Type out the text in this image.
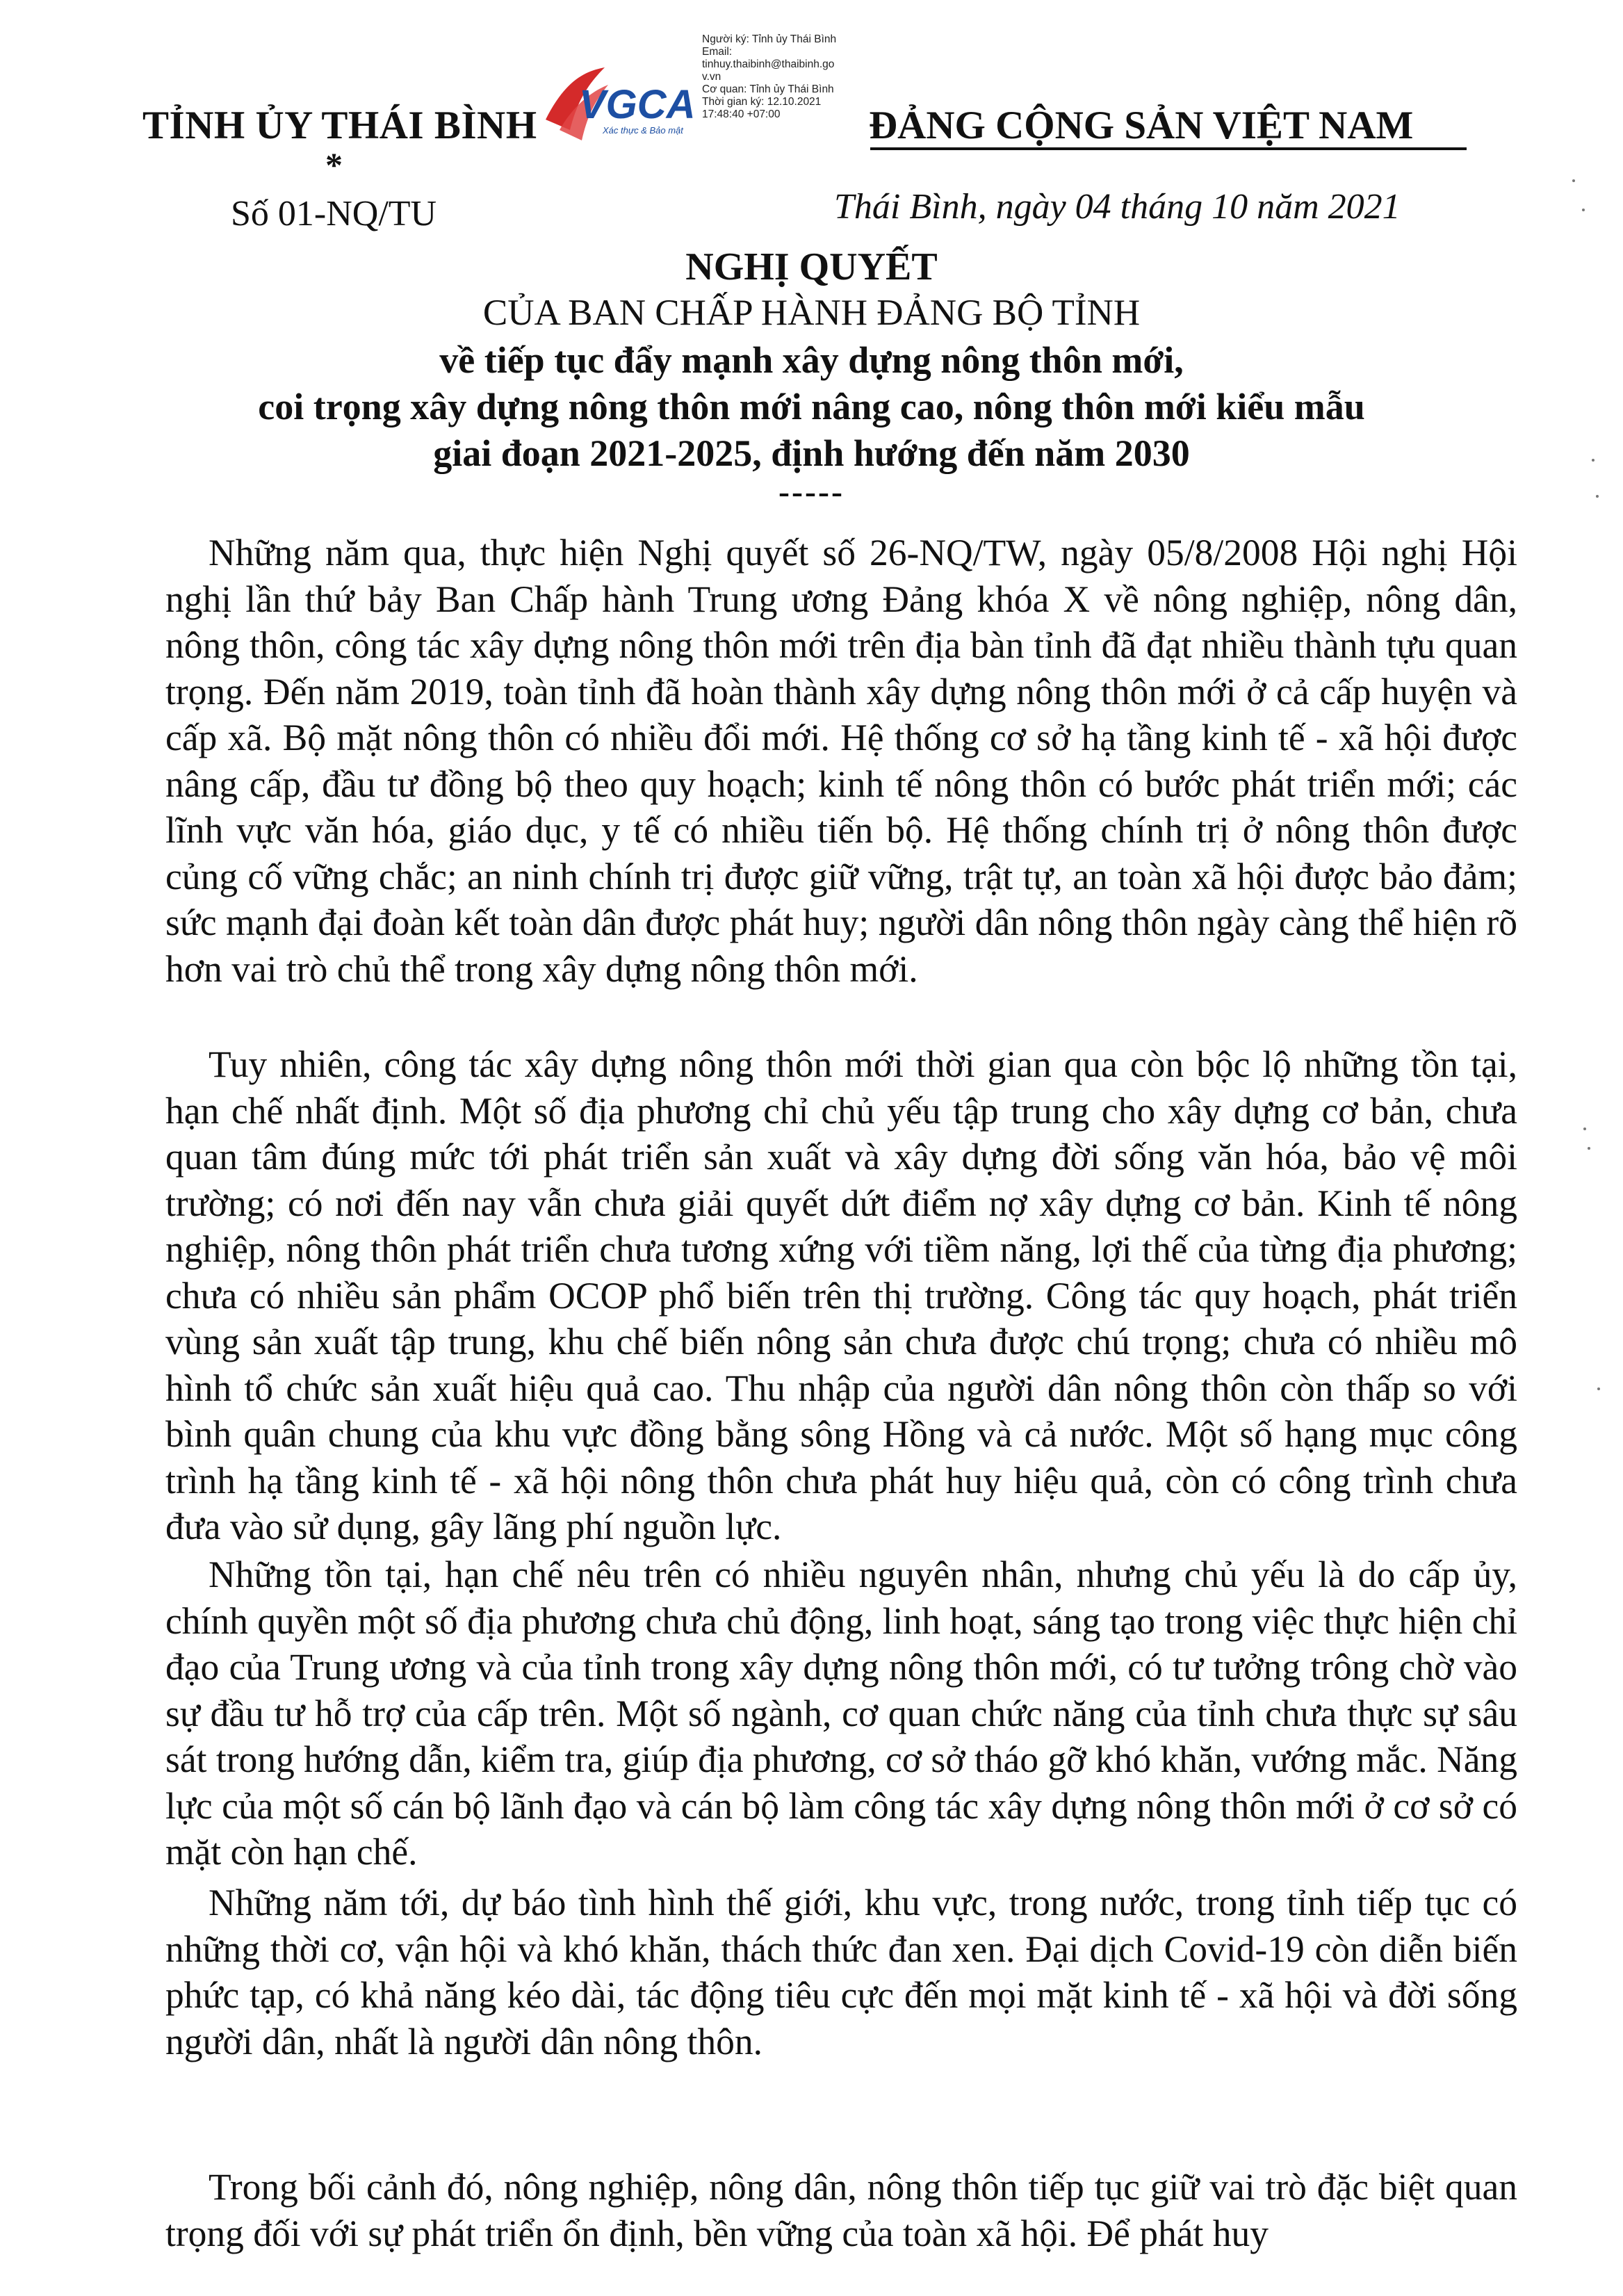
TỈNH ỦY THÁI BÌNH
*
VGCA
Xác thực & Bảo mật
Người ký: Tỉnh ủy Thái Bình
Email:
tinhuy.thaibinh@thaibinh.go
v.vn
Cơ quan: Tỉnh ủy Thái Bình
Thời gian ký: 12.10.2021
17:48:40 +07:00	ĐẢNG CỘNG SẢN VIỆT NAM
Số 01-NQ/TU	Thái Bình, ngày 04 tháng 10 năm 2021
NGHỊ QUYẾT
CỦA BAN CHẤP HÀNH ĐẢNG BỘ TỈNH
về tiếp tục đẩy mạnh xây dựng nông thôn mới,
coi trọng xây dựng nông thôn mới nâng cao, nông thôn mới kiểu mẫu
giai đoạn 2021-2025, định hướng đến năm 2030
-----
Những năm qua, thực hiện Nghị quyết số 26-NQ/TW, ngày 05/8/2008 Hội nghị Hội nghị lần thứ bảy Ban Chấp hành Trung ương Đảng khóa X về nông nghiệp, nông dân, nông thôn, công tác xây dựng nông thôn mới trên địa bàn tỉnh đã đạt nhiều thành tựu quan trọng. Đến năm 2019, toàn tỉnh đã hoàn thành xây dựng nông thôn mới ở cả cấp huyện và cấp xã. Bộ mặt nông thôn có nhiều đổi mới. Hệ thống cơ sở hạ tầng kinh tế - xã hội được nâng cấp, đầu tư đồng bộ theo quy hoạch; kinh tế nông thôn có bước phát triển mới; các lĩnh vực văn hóa, giáo dục, y tế có nhiều tiến bộ. Hệ thống chính trị ở nông thôn được củng cố vững chắc; an ninh chính trị được giữ vững, trật tự, an toàn xã hội được bảo đảm; sức mạnh đại đoàn kết toàn dân được phát huy; người dân nông thôn ngày càng thể hiện rõ hơn vai trò chủ thể trong xây dựng nông thôn mới.
Tuy nhiên, công tác xây dựng nông thôn mới thời gian qua còn bộc lộ những tồn tại, hạn chế nhất định. Một số địa phương chỉ chủ yếu tập trung cho xây dựng cơ bản, chưa quan tâm đúng mức tới phát triển sản xuất và xây dựng đời sống văn hóa, bảo vệ môi trường; có nơi đến nay vẫn chưa giải quyết dứt điểm nợ xây dựng cơ bản. Kinh tế nông nghiệp, nông thôn phát triển chưa tương xứng với tiềm năng, lợi thế của từng địa phương; chưa có nhiều sản phẩm OCOP phổ biến trên thị trường. Công tác quy hoạch, phát triển vùng sản xuất tập trung, khu chế biến nông sản chưa được chú trọng; chưa có nhiều mô hình tổ chức sản xuất hiệu quả cao. Thu nhập của người dân nông thôn còn thấp so với bình quân chung của khu vực đồng bằng sông Hồng và cả nước. Một số hạng mục công trình hạ tầng kinh tế - xã hội nông thôn chưa phát huy hiệu quả, còn có công trình chưa đưa vào sử dụng, gây lãng phí nguồn lực.
Những tồn tại, hạn chế nêu trên có nhiều nguyên nhân, nhưng chủ yếu là do cấp ủy, chính quyền một số địa phương chưa chủ động, linh hoạt, sáng tạo trong việc thực hiện chỉ đạo của Trung ương và của tỉnh trong xây dựng nông thôn mới, có tư tưởng trông chờ vào sự đầu tư hỗ trợ của cấp trên. Một số ngành, cơ quan chức năng của tỉnh chưa thực sự sâu sát trong hướng dẫn, kiểm tra, giúp địa phương, cơ sở tháo gỡ khó khăn, vướng mắc. Năng lực của một số cán bộ lãnh đạo và cán bộ làm công tác xây dựng nông thôn mới ở cơ sở có mặt còn hạn chế.
Những năm tới, dự báo tình hình thế giới, khu vực, trong nước, trong tỉnh tiếp tục có những thời cơ, vận hội và khó khăn, thách thức đan xen. Đại dịch Covid-19 còn diễn biến phức tạp, có khả năng kéo dài, tác động tiêu cực đến mọi mặt kinh tế - xã hội và đời sống người dân, nhất là người dân nông thôn.
Trong bối cảnh đó, nông nghiệp, nông dân, nông thôn tiếp tục giữ vai trò đặc biệt quan trọng đối với sự phát triển ổn định, bền vững của toàn xã hội. Để phát huy
